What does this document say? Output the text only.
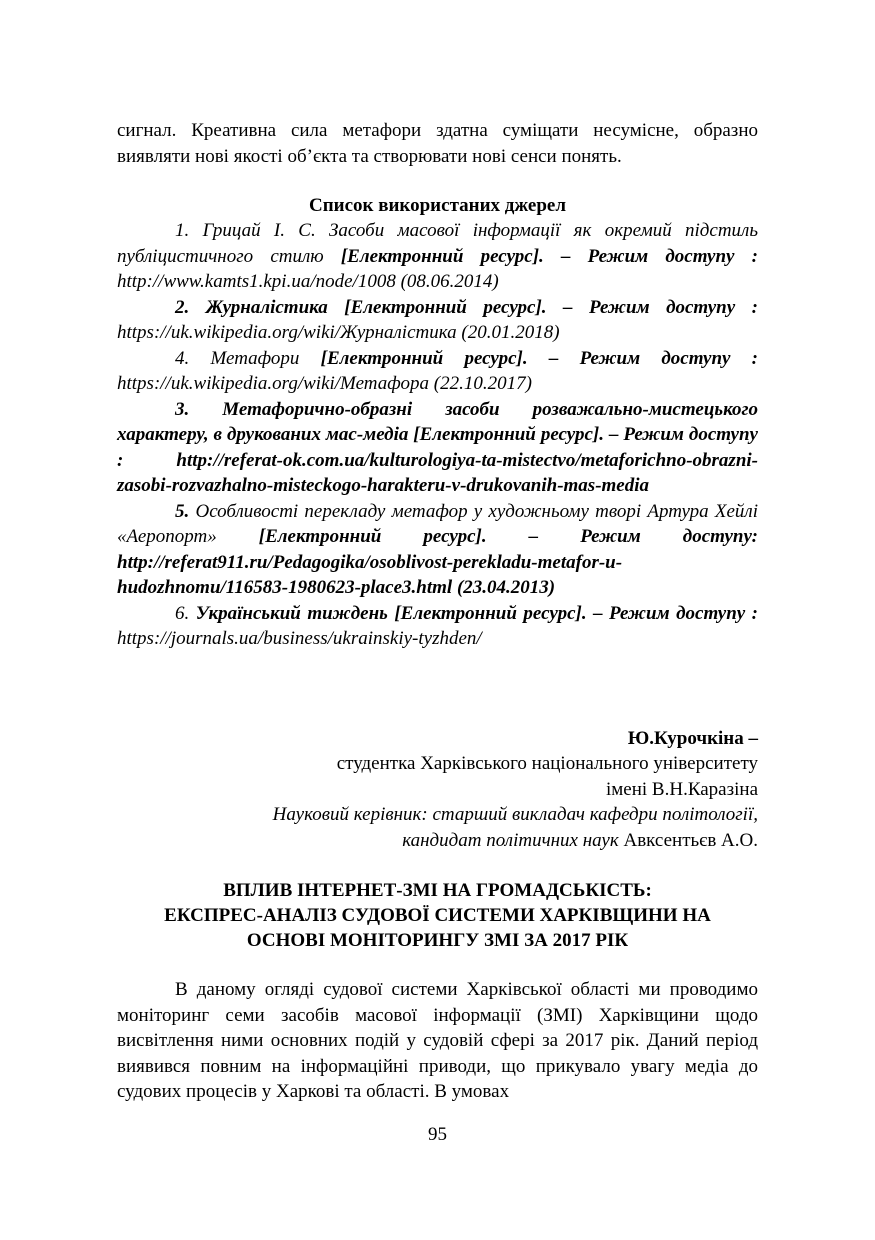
сигнал. Креативна сила метафори здатна суміщати несумісне, образно виявляти нові якості об’єкта та створювати нові сенси понять.

Список використаних джерел

1. Грицай І. С. Засоби масової інформації як окремий підстиль публіцистичного стилю [Електронний ресурс]. – Режим доступу : http://www.kamts1.kpi.ua/node/1008 (08.06.2014)

2. Журналістика [Електронний ресурс]. – Режим доступу : https://uk.wikipedia.org/wiki/Журналістика (20.01.2018)

4. Метафори [Електронний ресурс]. – Режим доступу : https://uk.wikipedia.org/wiki/Метафора (22.10.2017)

3. Метафорично-образні засоби розважально-мистецького характеру, в друкованих мас-медіа [Електронний ресурс]. – Режим доступу : http://referat-ok.com.ua/kulturologiya-ta-mistectvo/metaforichno-obrazni-zasobi-rozvazhalno-misteckogo-harakteru-v-drukovanih-mas-media

5. Особливості перекладу метафор у художньому творі Артура Хейлі «Аеропорт» [Електронний ресурс]. – Режим доступу: http://referat911.ru/Pedagogika/osoblivost-perekladu-metafor-u-hudozhnomu/116583-1980623-place3.html (23.04.2013)

6. Український тиждень [Електронний ресурс]. – Режим доступу : https://journals.ua/business/ukrainskiy-tyzhden/

Ю.Курочкіна –
студентка Харківського національного університету
імені В.Н.Каразіна
Науковий керівник: старший викладач кафедри політології,
кандидат політичних наук Авксентьєв А.О.
ВПЛИВ ІНТЕРНЕТ-ЗМІ НА ГРОМАДСЬКІСТЬ:
ЕКСПРЕС-АНАЛІЗ СУДОВОЇ СИСТЕМИ ХАРКІВЩИНИ НА
ОСНОВІ МОНІТОРИНГУ ЗМІ ЗА 2017 РІК

В даному огляді судової системи Харківської області ми проводимо моніторинг семи засобів масової інформації (ЗМІ) Харківщини щодо висвітлення ними основних подій у судовій сфері за 2017 рік. Даний період виявився повним на інформаційні приводи, що прикувало увагу медіа до судових процесів у Харкові та області. В умовах

95
